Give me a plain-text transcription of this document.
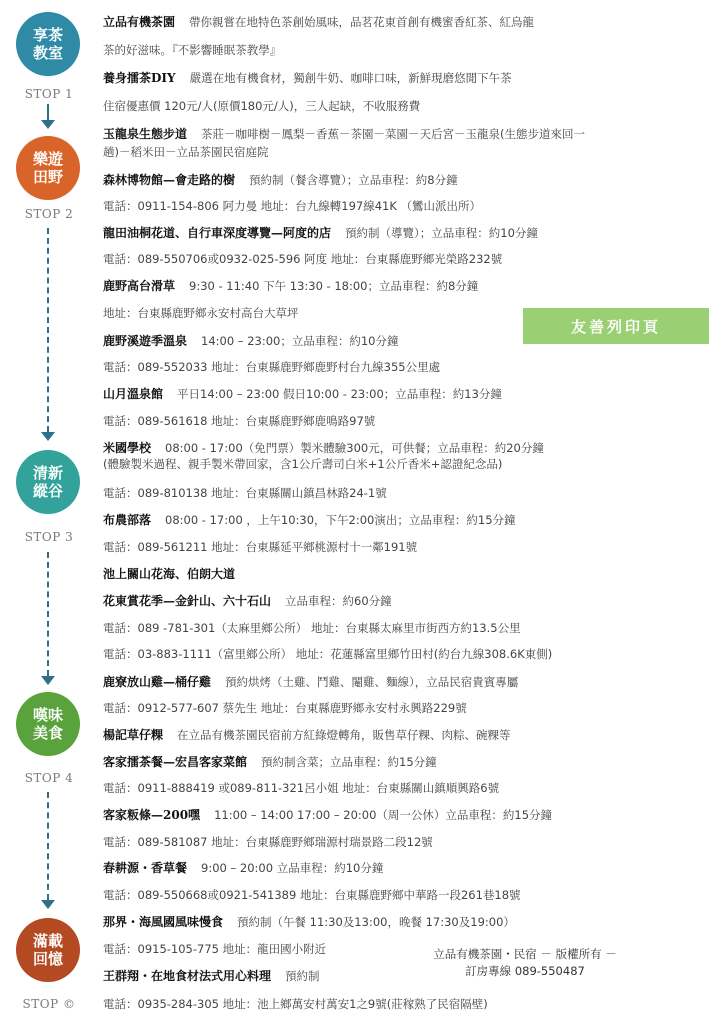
享茶
教室
STOP 1
樂遊
田野
STOP 2
清新
縱谷
STOP 3
嘆味
美食
STOP 4
滿載
回憶
STOP ©
立品有機茶園 帶你親嘗在地特色茶創始風味，品茗花東首創有機蜜香紅茶、紅烏龍
茶的好滋味。『不影響睡眠茶教學』
養身擂茶DIY 嚴選在地有機食材，獨創牛奶、咖啡口味，新鮮現磨悠閒下午茶
住宿優惠價 120元/人(原價180元/人)，三人起缺，不收服務費
玉龍泉生態步道 茶莊－咖啡樹－鳳梨－香蕉－茶園－菜園－天后宮－玉龍泉(生態步道來回一
趟)－稻米田－立品茶園民宿庭院
森林博物館—會走路的樹 預約制（餐含導覽）；立品車程：約8分鐘
電話：0911-154-806 阿力曼 地址：台九線轉197線41K （鸞山派出所）
龍田油桐花道、自行車深度導覽—阿度的店 預約制（導覽）；立品車程：約10分鐘
電話：089-550706或0932-025-596 阿度 地址：台東縣鹿野鄉光榮路232號
鹿野高台滑草 9:30 - 11:40 下午 13:30 - 18:00；立品車程：約8分鐘
地址：台東縣鹿野鄉永安村高台大草坪
鹿野溪遊季溫泉 14:00 – 23:00；立品車程：約10分鐘
電話：089-552033 地址：台東縣鹿野鄉鹿野村台九線355公里處
山月溫泉館 平日14:00 – 23:00 假日10:00 - 23:00；立品車程：約13分鐘
電話：089-561618 地址：台東縣鹿野鄉鹿鳴路97號
米國學校 08:00 - 17:00（免門票）製米體驗300元，可供餐；立品車程：約20分鐘
(體驗製米過程、親手製米帶回家，含1公斤壽司白米+1公斤香米+認證紀念品)
電話：089-810138 地址：台東縣關山鎮昌林路24-1號
布農部落 08:00 - 17:00 ，上午10:30，下午2:00演出；立品車程：約15分鐘
電話：089-561211 地址：台東縣延平鄉桃源村十一鄰191號
池上關山花海、伯朗大道
花東賞花季—金針山、六十石山 立品車程：約60分鐘
電話：089 -781-301（太麻里鄉公所） 地址：台東縣太麻里市街西方約13.5公里
電話：03-883-1111（富里鄉公所） 地址：花蓮縣富里鄉竹田村(約台九線308.6K東側)
鹿寮放山雞—桶仔雞 預約烘烤（土雞、鬥雞、閹雞、麵線），立品民宿貴賓專屬
電話：0912-577-607 蔡先生 地址：台東縣鹿野鄉永安村永興路229號
楊記草仔粿 在立品有機茶園民宿前方紅綠燈轉角，販售草仔粿、肉粽、碗粿等
客家擂茶餐—宏昌客家菜館 預約制含菜；立品車程：約15分鐘
電話：0911-888419 或089-811-321呂小姐 地址：台東縣關山鎮順興路6號
客家粄條—200嘿 11:00 – 14:00 17:00 – 20:00（周一公休）立品車程：約15分鐘
電話：089-581087 地址：台東縣鹿野鄉瑞源村瑞景路二段12號
春耕源・香草餐 9:00 – 20:00 立品車程：約10分鐘
電話：089-550668或0921-541389 地址：台東縣鹿野鄉中華路一段261巷18號
那界・海風國風味慢食 預約制（午餐 11:30及13:00，晚餐 17:30及19:00）
電話：0915-105-775 地址：龍田國小附近
王群翔・在地食材法式用心料理 預約制
電話：0935-284-305 地址：池上鄉萬安村萬安1之9號(莊稼熟了民宿隔壁)
友善列印頁
立品有機茶園・民宿 － 版權所有 －
訂房專線 089-550487
